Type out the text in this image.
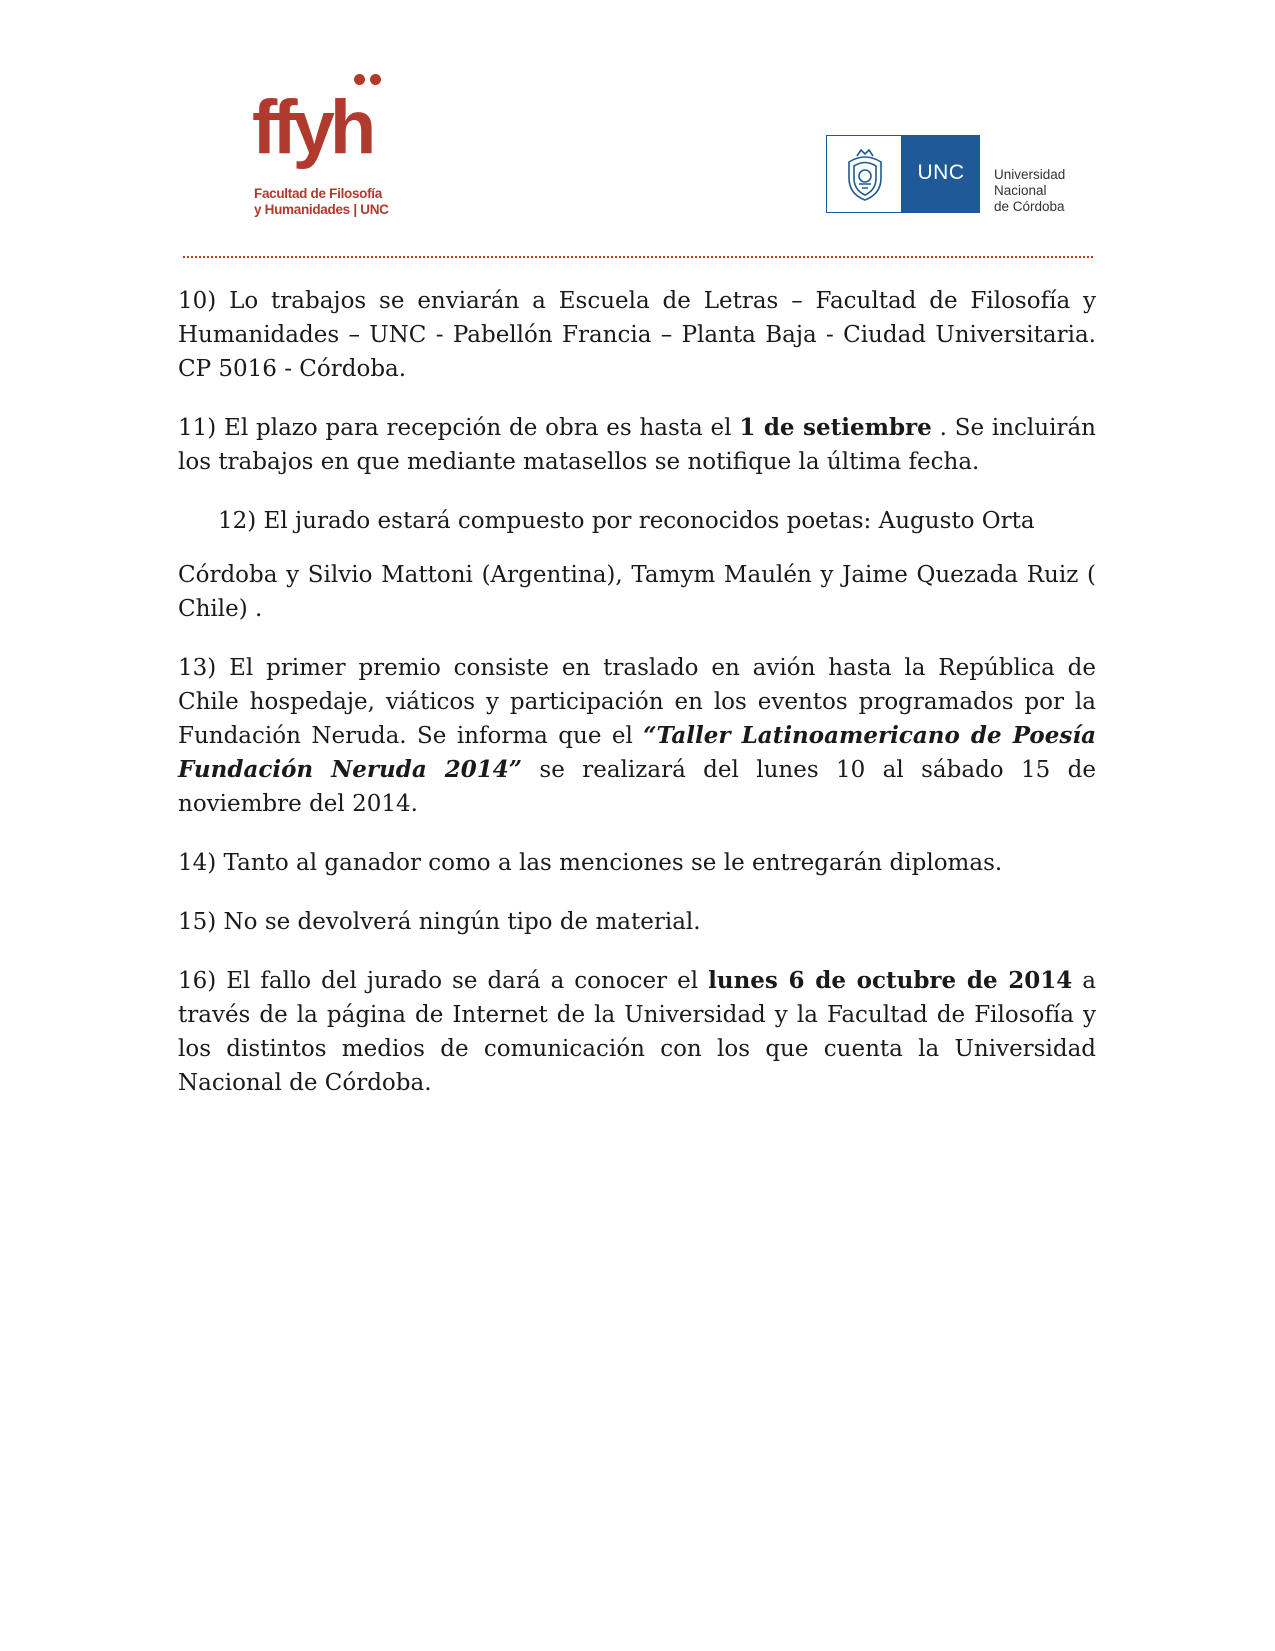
ffyh
Facultad de Filosofía
y Humanidades | UNC
UNC	Universidad
Nacional
de Córdoba

10) Lo trabajos se enviarán a Escuela de Letras – Facultad de Filosofía y Humanidades – UNC - Pabellón Francia – Planta Baja - Ciudad Universitaria. CP 5016 - Córdoba.

11) El plazo para recepción de obra es hasta el 1 de setiembre . Se incluirán los trabajos en que mediante matasellos se notifique la última fecha.

12) El jurado estará compuesto por reconocidos poetas: Augusto Orta

Córdoba y Silvio Mattoni (Argentina), Tamym Maulén y Jaime Quezada Ruiz ( Chile) .

13) El primer premio consiste en traslado en avión hasta la República de Chile hospedaje, viáticos y participación en los eventos programados por la Fundación Neruda. Se informa que el “Taller Latinoamericano de Poesía Fundación Neruda 2014” se realizará del lunes 10 al sábado 15 de noviembre del 2014.

14) Tanto al ganador como a las menciones se le entregarán diplomas.

15) No se devolverá ningún tipo de material.

16) El fallo del jurado se dará a conocer el lunes 6 de octubre de 2014 a través de la página de Internet de la Universidad y la Facultad de Filosofía y los distintos medios de comunicación con los que cuenta la Universidad Nacional de Córdoba.
